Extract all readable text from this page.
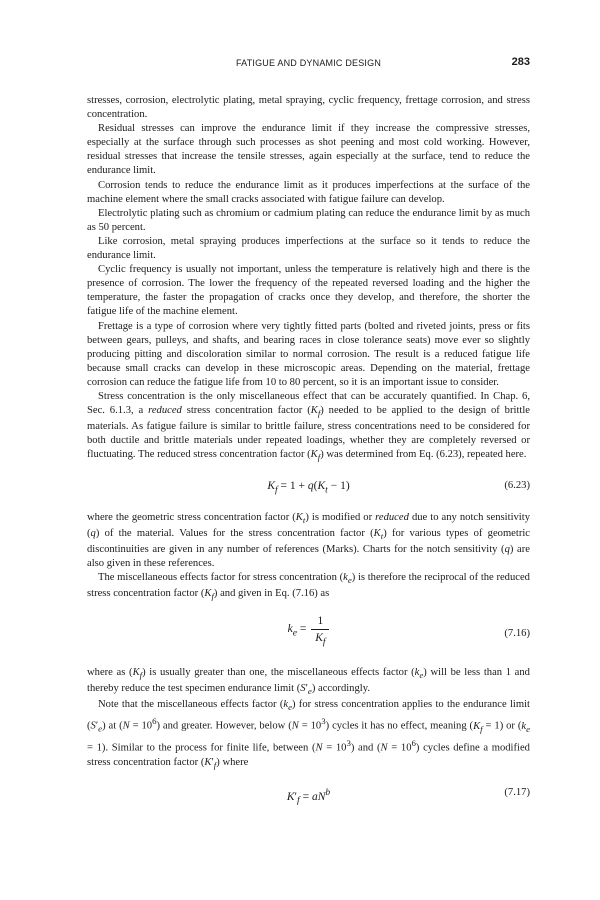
FATIGUE AND DYNAMIC DESIGN	283

stresses, corrosion, electrolytic plating, metal spraying, cyclic frequency, frettage corrosion, and stress concentration.

Residual stresses can improve the endurance limit if they increase the compressive stresses, especially at the surface through such processes as shot peening and most cold working. However, residual stresses that increase the tensile stresses, again especially at the surface, tend to reduce the endurance limit.

Corrosion tends to reduce the endurance limit as it produces imperfections at the surface of the machine element where the small cracks associated with fatigue failure can develop.

Electrolytic plating such as chromium or cadmium plating can reduce the endurance limit by as much as 50 percent.

Like corrosion, metal spraying produces imperfections at the surface so it tends to reduce the endurance limit.

Cyclic frequency is usually not important, unless the temperature is relatively high and there is the presence of corrosion. The lower the frequency of the repeated reversed loading and the higher the temperature, the faster the propagation of cracks once they develop, and therefore, the shorter the fatigue life of the machine element.

Frettage is a type of corrosion where very tightly fitted parts (bolted and riveted joints, press or fits between gears, pulleys, and shafts, and bearing races in close tolerance seats) move ever so slightly producing pitting and discoloration similar to normal corrosion. The result is a reduced fatigue life because small cracks can develop in these microscopic areas. Depending on the material, frettage corrosion can reduce the fatigue life from 10 to 80 percent, so it is an important issue to consider.

Stress concentration is the only miscellaneous effect that can be accurately quantified. In Chap. 6, Sec. 6.1.3, a reduced stress concentration factor $(K_f)$ needed to be applied to the design of brittle materials. As fatigue failure is similar to brittle failure, stress concentrations need to be considered for both ductile and brittle materials under repeated loadings, whether they are completely reversed or fluctuating. The reduced stress concentration factor $(K_f)$ was determined from Eq. (6.23), repeated here.

$K_f = 1 + q(K_t - 1)$	(6.23)

where the geometric stress concentration factor $(K_t)$ is modified or reduced due to any notch sensitivity (q) of the material. Values for the stress concentration factor $(K_t)$ for various types of geometric discontinuities are given in any number of references (Marks). Charts for the notch sensitivity (q) are also given in these references.

The miscellaneous effects factor for stress concentration $(k_e)$ is therefore the reciprocal of the reduced stress concentration factor $(K_f)$ and given in Eq. (7.16) as

$k_e = \frac{1}{K_f}$	(7.16)

where as $(K_f)$ is usually greater than one, the miscellaneous effects factor $(k_e)$ will be less than 1 and thereby reduce the test specimen endurance limit $(S'_e)$ accordingly.

Note that the miscellaneous effects factor $(k_e)$ for stress concentration applies to the endurance limit $(S'_e)$ at $(N = 10^6)$ and greater. However, below $(N = 10^3)$ cycles it has no effect, meaning $(K_f = 1)$ or $(k_e = 1)$. Similar to the process for finite life, between $(N = 10^3)$ and $(N = 10^6)$ cycles define a modified stress concentration factor $(K'_f)$ where

$K'_f = aN^b$	(7.17)
